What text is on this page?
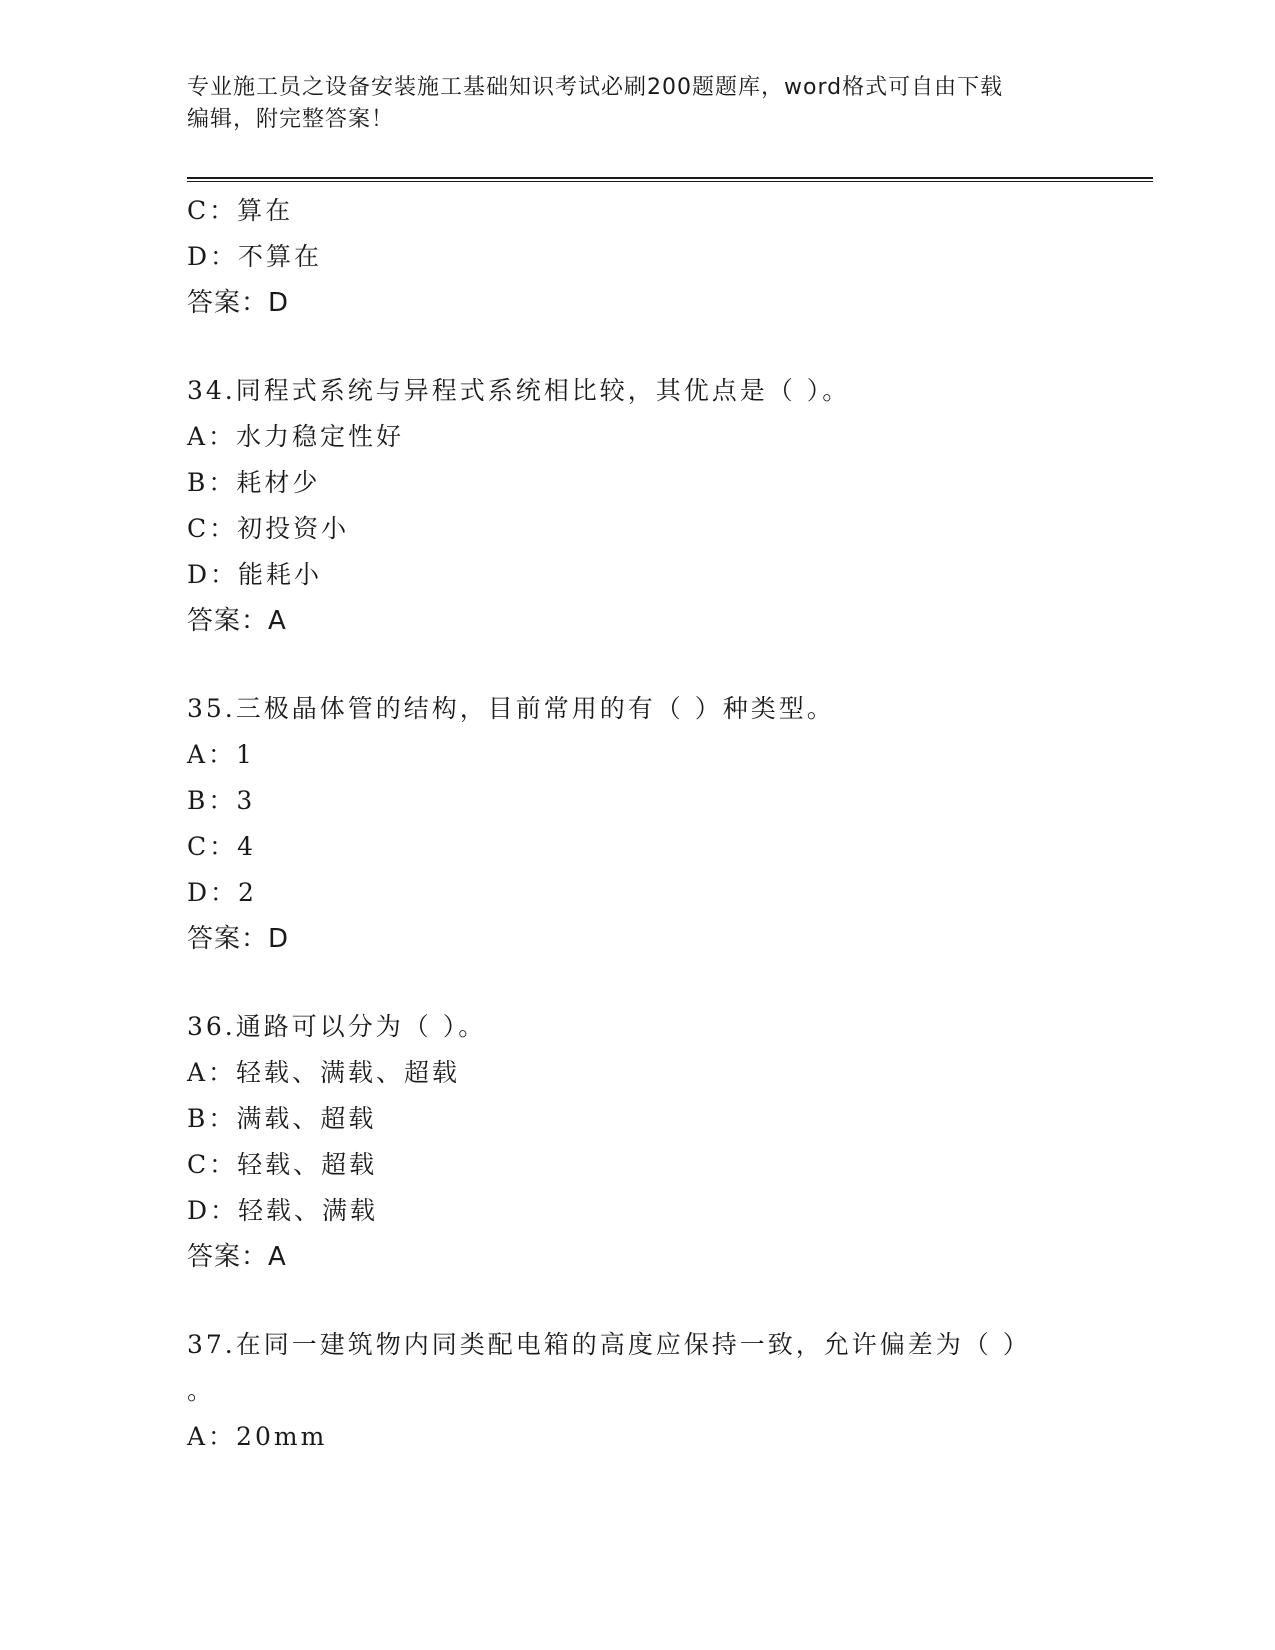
专业施工员之设备安装施工基础知识考试必刷200题题库，word格式可自由下载
编辑，附完整答案！
C：算在
D：不算在
答案：D
34.同程式系统与异程式系统相比较，其优点是（ ）。
A：水力稳定性好
B：耗材少
C：初投资小
D：能耗小
答案：A
35.三极晶体管的结构，目前常用的有（ ）种类型。
A：1
B：3
C：4
D：2
答案：D
36.通路可以分为（ ）。
A：轻载、满载、超载
B：满载、超载
C：轻载、超载
D：轻载、满载
答案：A
37.在同一建筑物内同类配电箱的高度应保持一致，允许偏差为（ ）
。
A：20mm
